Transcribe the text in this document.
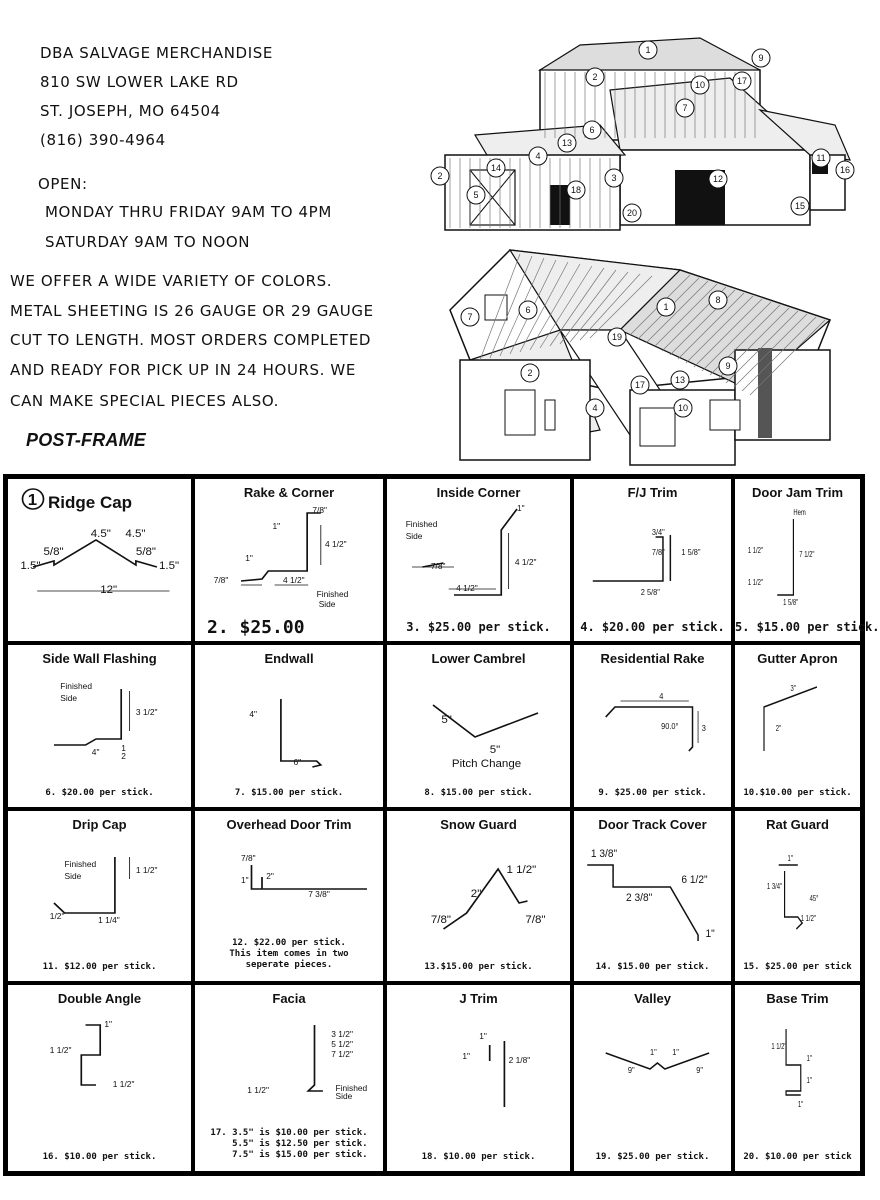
DBA SALVAGE MERCHANDISE
810 SW LOWER LAKE RD
ST. JOSEPH, MO 64504
(816) 390-4964
OPEN:
MONDAY THRU FRIDAY 9AM TO 4PM
SATURDAY 9AM TO NOON
WE OFFER A WIDE VARIETY OF COLORS.
METAL SHEETING IS 26 GAUGE OR 29 GAUGE
CUT TO LENGTH. MOST ORDERS COMPLETED
AND READY FOR PICK UP IN 24 HOURS. WE
CAN MAKE SPECIAL PIECES ALSO.
POST-FRAME
1
2
3
4
5
6
7
9
10
11
12
13
14
15
16
17
18
20
2
1
2
4
6
7
8
9
10
13
17
19
Ridge Cap
1
4.5" 4.5"
5/8"	5/8"
1.5"	1.5"
12"
Rake & Corner
7/8"
1"
4 1/2"
1"
7/8"	4 1/2"
Finished
Side
2. $25.00
Inside Corner
Finished
Side
1"
7/8"
4 1/2"
4 1/2"
3. $25.00 per stick.
F/J Trim
3/4"
7/8" 1 5/8"
2 5/8"
4. $20.00 per stick.
Door Jam Trim
Hem
1 1/2"
7 1/2"
1 1/2"
1 5/8"
5. $15.00 per stick.
Side Wall Flashing
Finished
Side
3 1/2"
4"	1
2
6. $20.00 per stick.
Endwall
4"
6"
7. $15.00 per stick.
Lower Cambrel
5"
5"
Pitch Change
8. $15.00 per stick.
Residential Rake
4
3
90.0°
9. $25.00 per stick.
Gutter Apron
3"
2"
10.$10.00 per stick.
Drip Cap
Finished
Side
1 1/2"
1/2"	1 1/4"
11. $12.00 per stick.
Overhead Door Trim
7/8"
1" 2"
7 3/8"
12. $22.00 per stick.
This item comes in two
seperate pieces.
Snow Guard
1 1/2"
2"
7/8"	7/8"
13.$15.00 per stick.
Door Track Cover
1 3/8"
6 1/2"
2 3/8"
1"
14. $15.00 per stick.
Rat Guard
1"
1 3/4"
45°
1 1/2"
15. $25.00 per stick
Double Angle
1"
1 1/2"
1 1/2"
16. $10.00 per stick.
Facia
3 1/2"
5 1/2"
7 1/2"
1 1/2"	Finished
Side
17. 3.5" is $10.00 per stick.
5.5" is $12.50 per stick.
7.5" is $15.00 per stick.
J Trim
1"
1"	2 1/8"
18. $10.00 per stick.
Valley
1" 1"
9"	9"
19. $25.00 per stick.
Base Trim
1 1/2"
1"
1"
1"
20. $10.00 per stick
